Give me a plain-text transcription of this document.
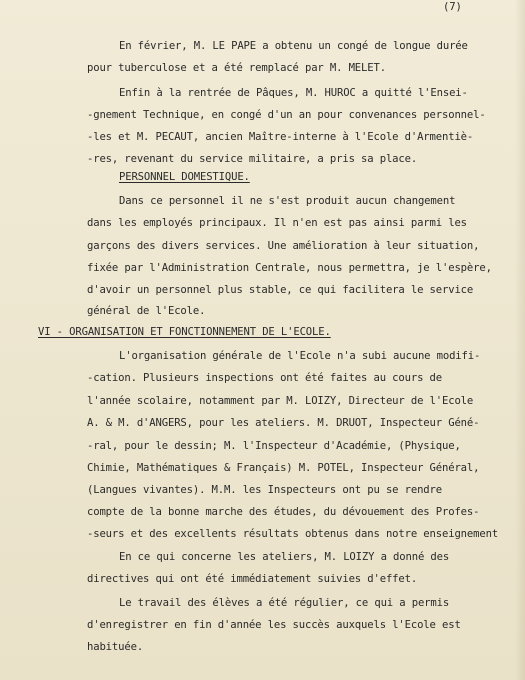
(7)
En février, M. LE PAPE a obtenu un congé de longue durée
pour tuberculose et a été remplacé par M. MELET.
Enfin à la rentrée de Pâques, M. HUROC a quitté l'Ensei-
-gnement Technique, en congé d'un an pour convenances personnel-
-les et M. PECAUT, ancien Maître-interne à l'Ecole d'Armentiè-
-res, revenant du service militaire, a pris sa place.
PERSONNEL DOMESTIQUE.
Dans ce personnel il ne s'est produit aucun changement
dans les employés principaux. Il n'en est pas ainsi parmi les
garçons des divers services. Une amélioration à leur situation,
fixée par l'Administration Centrale, nous permettra, je l'espère,
d'avoir un personnel plus stable, ce qui facilitera le service
général de l'Ecole.
VI - ORGANISATION ET FONCTIONNEMENT DE L'ECOLE.
L'organisation générale de l'Ecole n'a subi aucune modifi-
-cation. Plusieurs inspections ont été faites au cours de
l'année scolaire, notamment par M. LOIZY, Directeur de l'Ecole
A. & M. d'ANGERS, pour les ateliers. M. DRUOT, Inspecteur Géné-
-ral, pour le dessin; M. l'Inspecteur d'Académie, (Physique,
Chimie, Mathématiques & Français) M. POTEL, Inspecteur Général,
(Langues vivantes). M.M. les Inspecteurs ont pu se rendre
compte de la bonne marche des études, du dévouement des Profes-
-seurs et des excellents résultats obtenus dans notre enseignement
En ce qui concerne les ateliers, M. LOIZY a donné des
directives qui ont été immédiatement suivies d'effet.
Le travail des élèves a été régulier, ce qui a permis
d'enregistrer en fin d'année les succès auxquels l'Ecole est
habituée.
